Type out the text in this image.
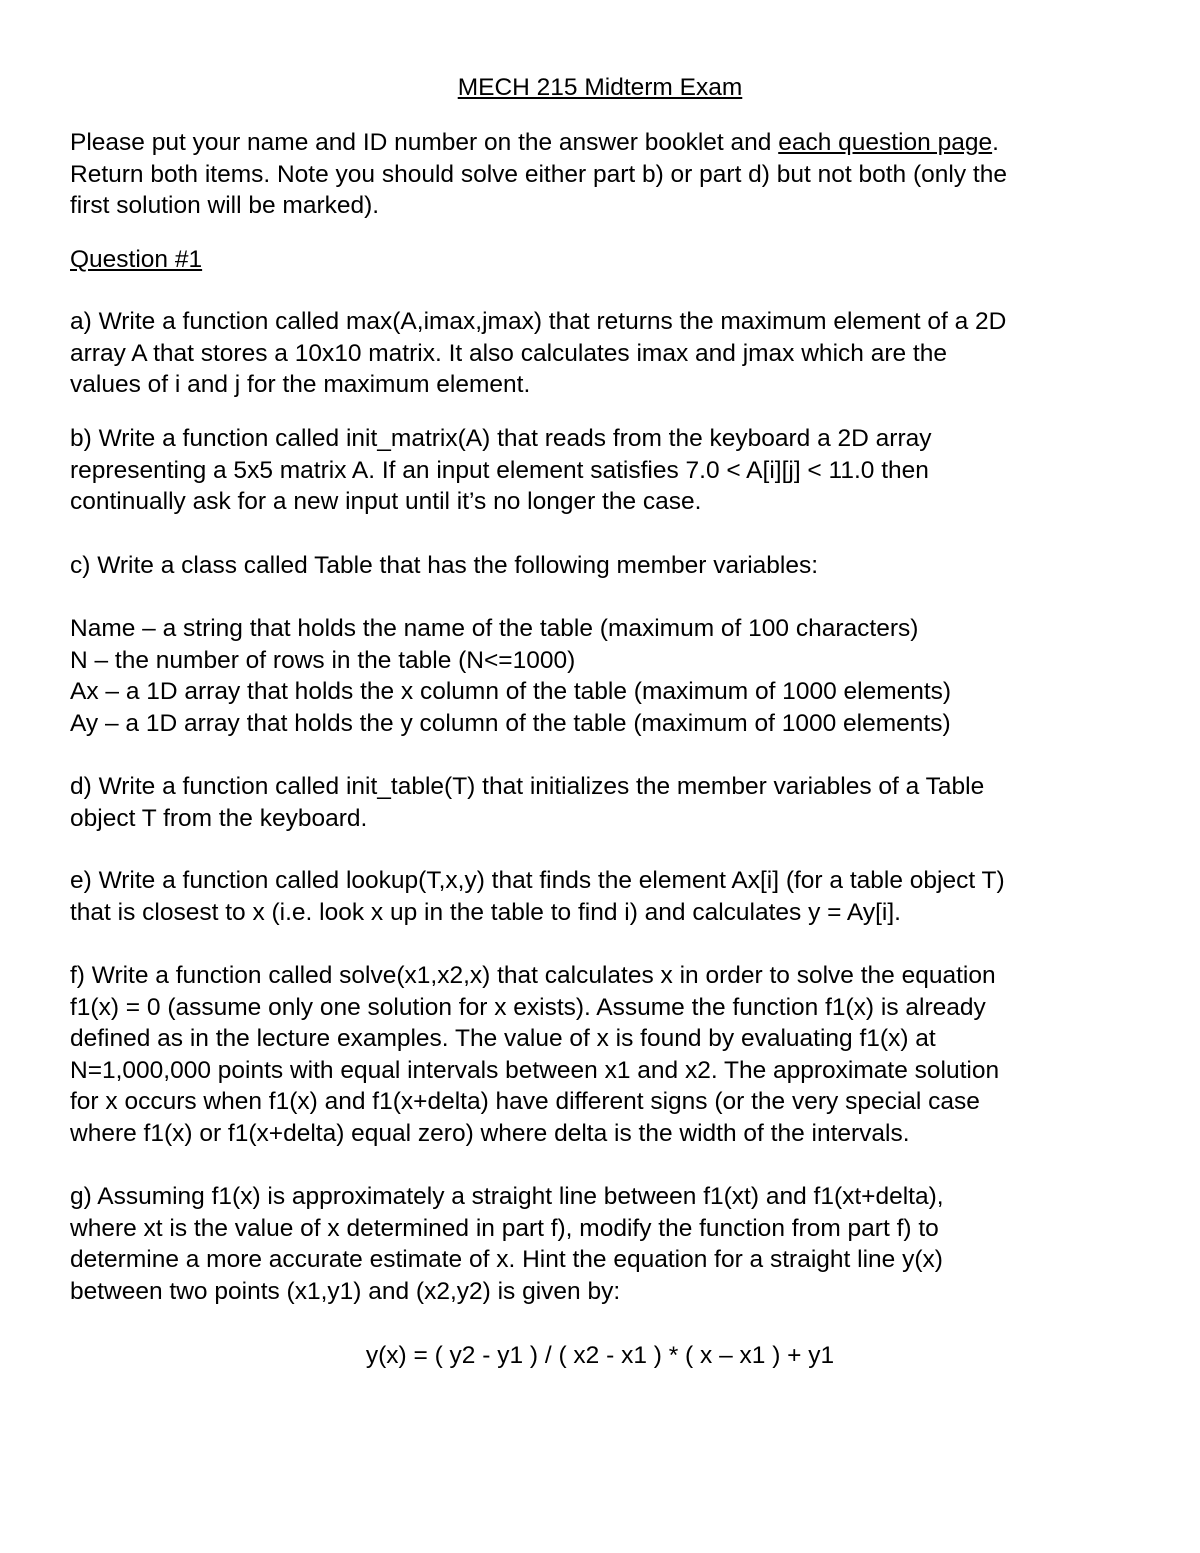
MECH 215 Midterm Exam

Please put your name and ID number on the answer booklet and each question page.
Return both items. Note you should solve either part b) or part d) but not both (only the
first solution will be marked).

Question #1

a) Write a function called max(A,imax,jmax) that returns the maximum element of a 2D
array A that stores a 10x10 matrix. It also calculates imax and jmax which are the
values of i and j for the maximum element.

b) Write a function called init_matrix(A) that reads from the keyboard a 2D array
representing a 5x5 matrix A. If an input element satisfies 7.0 < A[i][j] < 11.0 then
continually ask for a new input until it’s no longer the case.

c) Write a class called Table that has the following member variables:

Name – a string that holds the name of the table (maximum of 100 characters)
N – the number of rows in the table (N<=1000)
Ax – a 1D array that holds the x column of the table (maximum of 1000 elements)
Ay – a 1D array that holds the y column of the table (maximum of 1000 elements)

d) Write a function called init_table(T) that initializes the member variables of a Table
object T from the keyboard.

e) Write a function called lookup(T,x,y) that finds the element Ax[i] (for a table object T)
that is closest to x (i.e. look x up in the table to find i) and calculates y = Ay[i].

f) Write a function called solve(x1,x2,x) that calculates x in order to solve the equation
f1(x) = 0 (assume only one solution for x exists). Assume the function f1(x) is already
defined as in the lecture examples. The value of x is found by evaluating f1(x) at
N=1,000,000 points with equal intervals between x1 and x2. The approximate solution
for x occurs when f1(x) and f1(x+delta) have different signs (or the very special case
where f1(x) or f1(x+delta) equal zero) where delta is the width of the intervals.

g) Assuming f1(x) is approximately a straight line between f1(xt) and f1(xt+delta),
where xt is the value of x determined in part f), modify the function from part f) to
determine a more accurate estimate of x. Hint the equation for a straight line y(x)
between two points (x1,y1) and (x2,y2) is given by:

y(x) = ( y2 - y1 ) / ( x2 - x1 ) * ( x – x1 ) + y1
